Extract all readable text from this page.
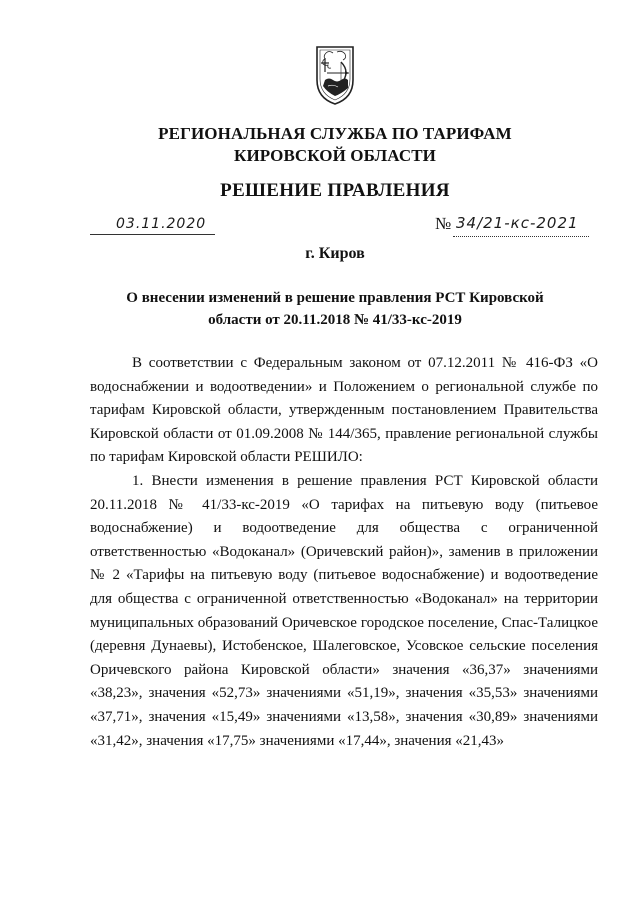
РЕГИОНАЛЬНАЯ СЛУЖБА ПО ТАРИФАМ
КИРОВСКОЙ ОБЛАСТИ
РЕШЕНИЕ ПРАВЛЕНИЯ
03.11.2020	№ 34/21-кс-2021
г. Киров
О внесении изменений в решение правления РСТ Кировской
области от 20.11.2018 № 41/33-кс-2019

В соответствии с Федеральным законом от 07.12.2011 № 416-ФЗ «О водоснабжении и водоотведении» и Положением о региональной службе по тарифам Кировской области, утвержденным постановлением Правительства Кировской области от 01.09.2008 № 144/365, правление региональной службы по тарифам Кировской области РЕШИЛО:

1. Внести изменения в решение правления РСТ Кировской области 20.11.2018 № 41/33-кс-2019 «О тарифах на питьевую воду (питьевое водоснабжение) и водоотведение для общества с ограниченной ответственностью «Водоканал» (Оричевский район)», заменив в приложении № 2 «Тарифы на питьевую воду (питьевое водоснабжение) и водоотведение для общества с ограниченной ответственностью «Водоканал» на территории муниципальных образований Оричевское городское поселение, Спас-Талицкое (деревня Дунаевы), Истобенское, Шалеговское, Усовское сельские поселения Оричевского района Кировской области» значения «36,37» значениями «38,23», значения «52,73» значениями «51,19», значения «35,53» значениями «37,71», значения «15,49» значениями «13,58», значения «30,89» значениями «31,42», значения «17,75» значениями «17,44», значения «21,43»
